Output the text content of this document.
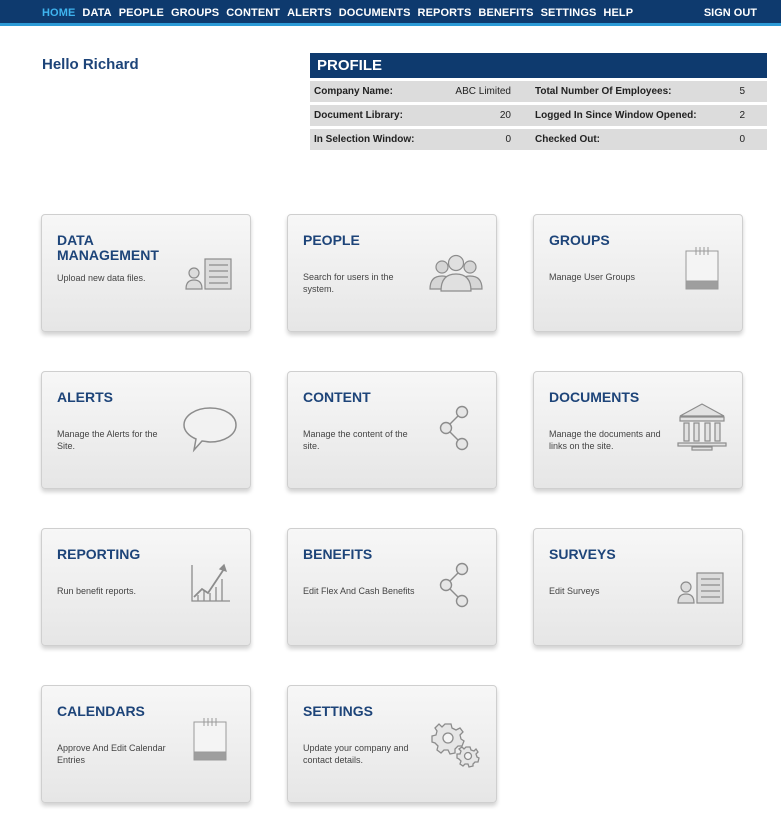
HOME DATA PEOPLE GROUPS CONTENT ALERTS DOCUMENTS REPORTS BENEFITS SETTINGS HELP	SIGN OUT
Hello Richard	PROFILE
Company Name:	ABC Limited Total Number Of Employees:	5
Document Library:	20 Logged In Since Window Opened:	2
In Selection Window:	0 Checked Out:	0
DATA MANAGEMENT
Upload new data files.
PEOPLE
Search for users in the system.
GROUPS
Manage User Groups
ALERTS
Manage the Alerts for the Site.
CONTENT
Manage the content of the site.
DOCUMENTS
Manage the documents and links on the site.
REPORTING
Run benefit reports.
BENEFITS
Edit Flex And Cash Benefits
SURVEYS
Edit Surveys
CALENDARS
Approve And Edit Calendar Entries
SETTINGS
Update your company and contact details.
